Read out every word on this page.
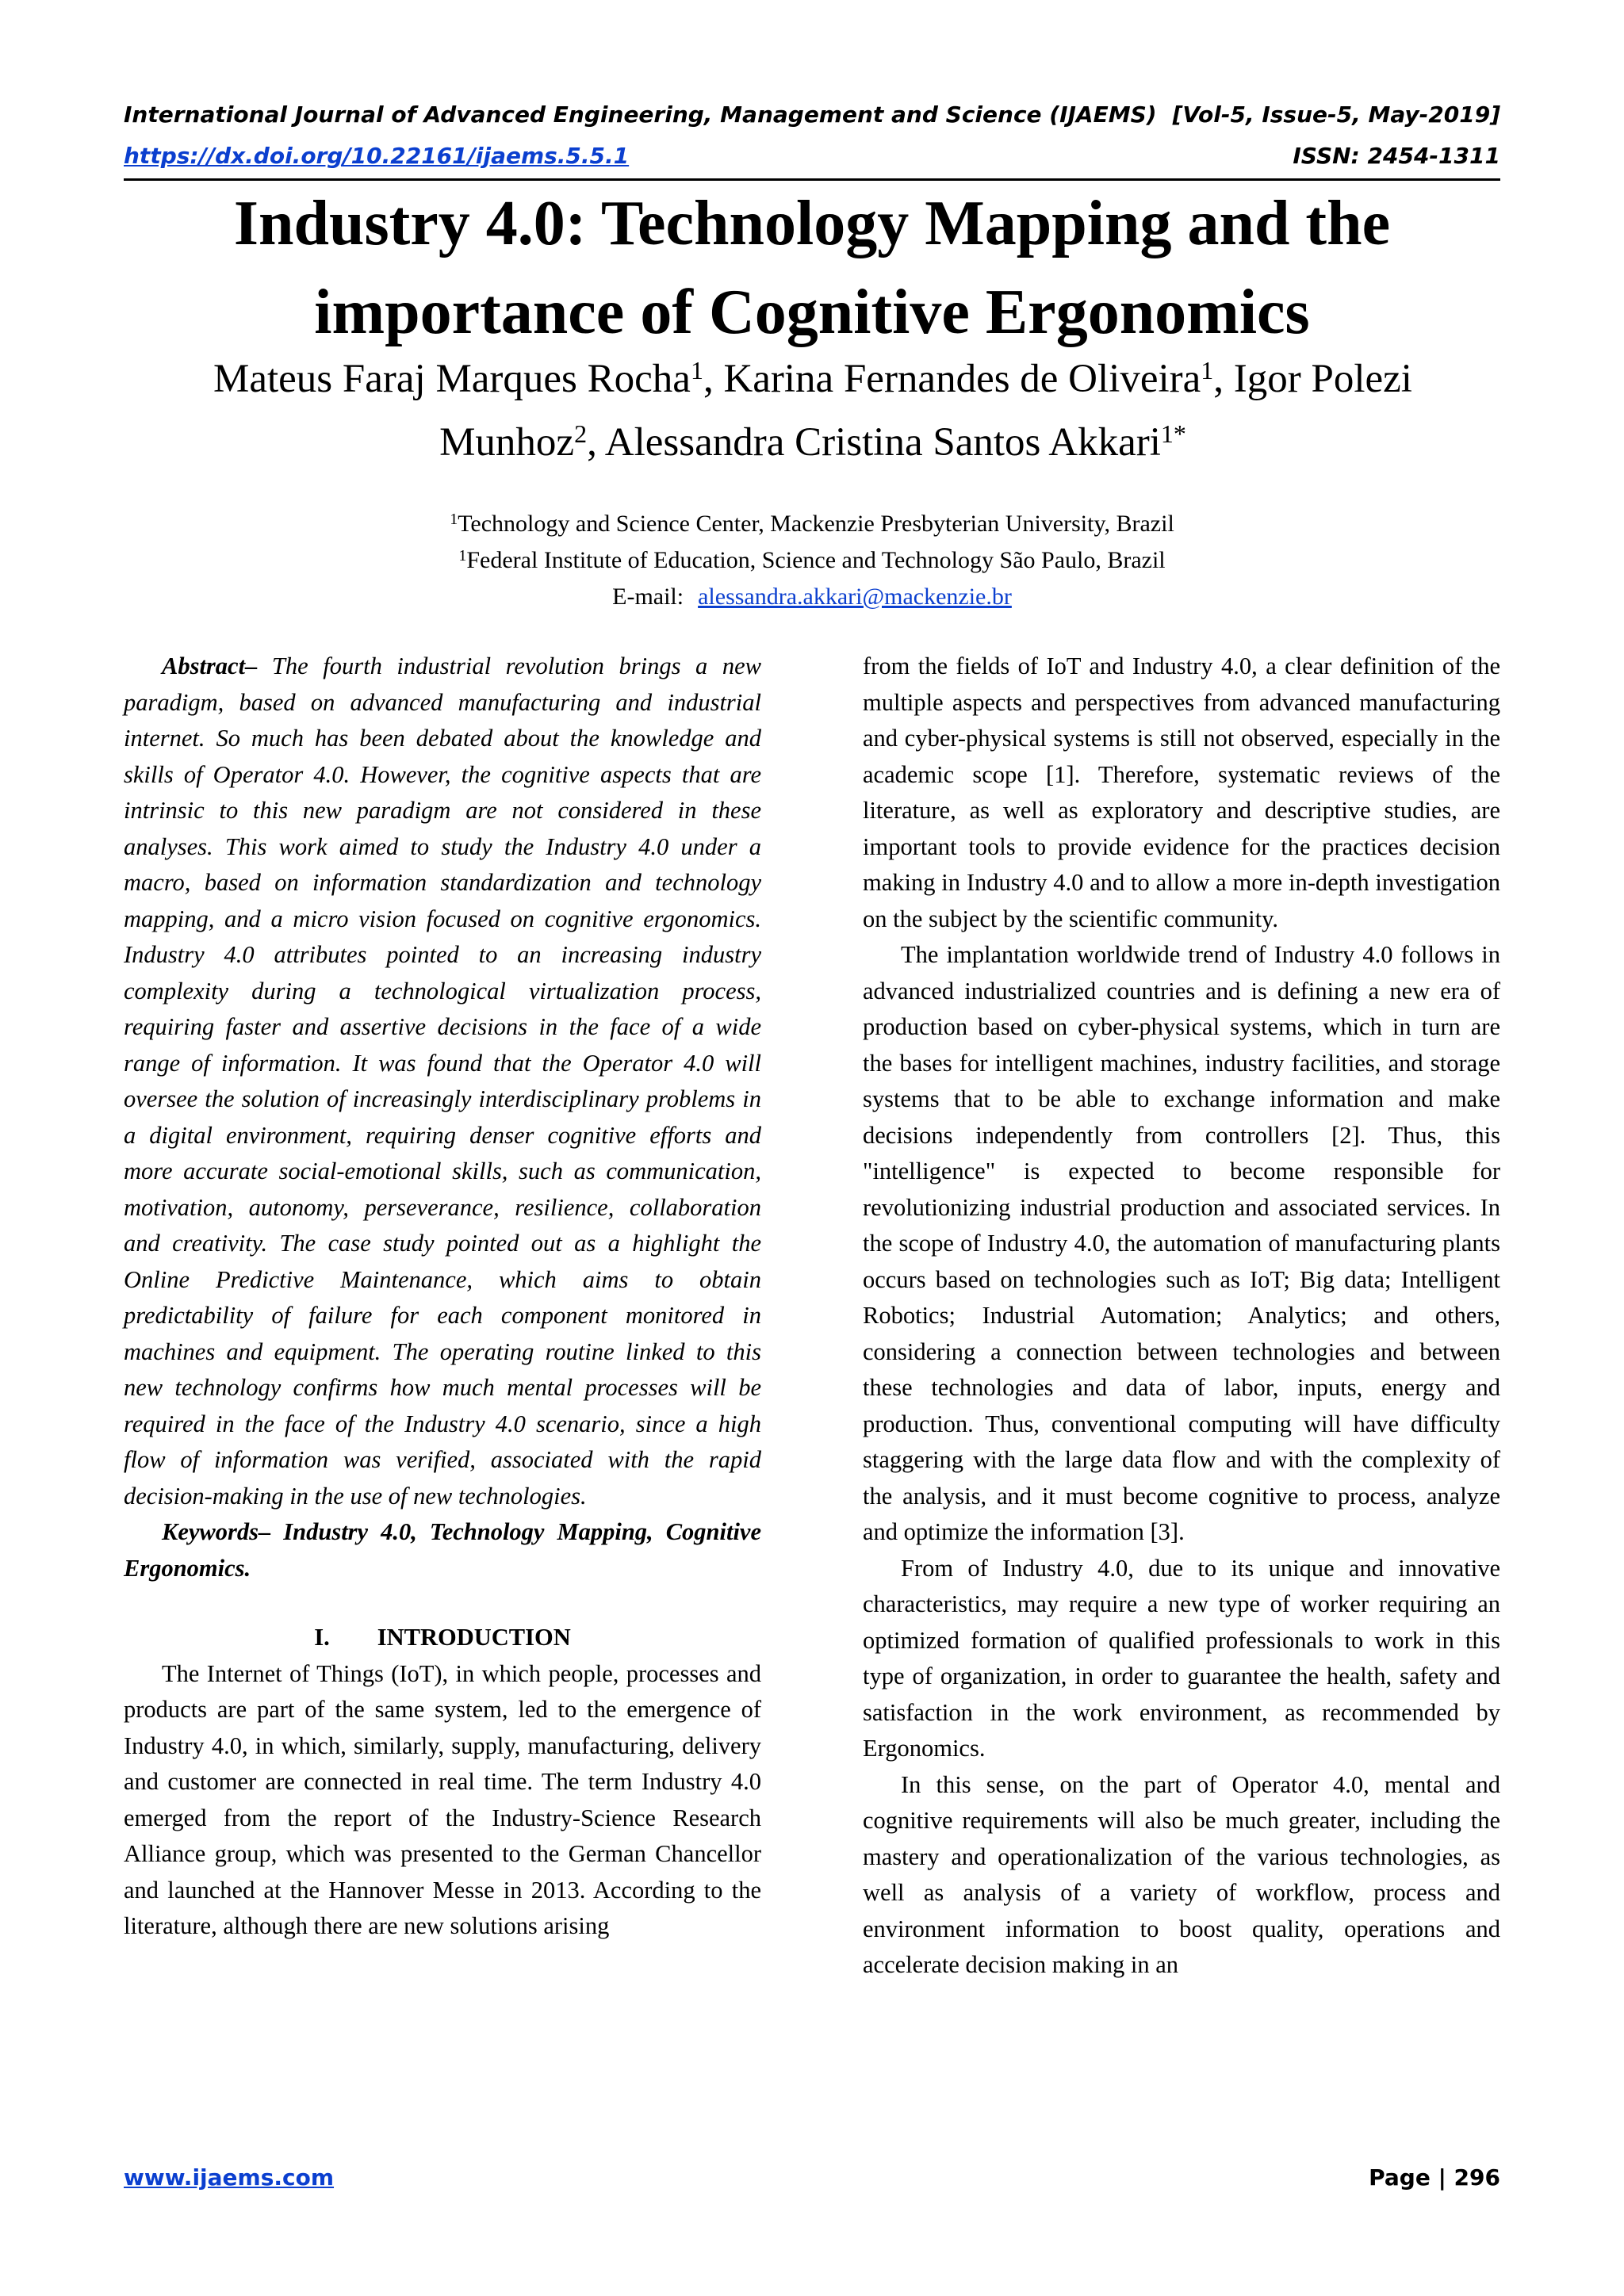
International Journal of Advanced Engineering, Management and Science (IJAEMS) [Vol-5, Issue-5, May-2019]
https://dx.doi.org/10.22161/ijaems.5.5.1	ISSN: 2454-1311
Industry 4.0: Technology Mapping and the
importance of Cognitive Ergonomics
Mateus Faraj Marques Rocha$^1$, Karina Fernandes de Oliveira$^1$, Igor Polezi Munhoz$^2$, Alessandra Cristina Santos Akkari$^{1*}$
$^1$Technology and Science Center, Mackenzie Presbyterian University, Brazil
$^1$Federal Institute of Education, Science and Technology São Paulo, Brazil
E-mail: alessandra.akkari@mackenzie.br

Abstract– The fourth industrial revolution brings a new paradigm, based on advanced manufacturing and industrial internet. So much has been debated about the knowledge and skills of Operator 4.0. However, the cognitive aspects that are intrinsic to this new paradigm are not considered in these analyses. This work aimed to study the Industry 4.0 under a macro, based on information standardization and technology mapping, and a micro vision focused on cognitive ergonomics. Industry 4.0 attributes pointed to an increasing industry complexity during a technological virtualization process, requiring faster and assertive decisions in the face of a wide range of information. It was found that the Operator 4.0 will oversee the solution of increasingly interdisciplinary problems in a digital environment, requiring denser cognitive efforts and more accurate social-emotional skills, such as communication, motivation, autonomy, perseverance, resilience, collaboration and creativity. The case study pointed out as a highlight the Online Predictive Maintenance, which aims to obtain predictability of failure for each component monitored in machines and equipment. The operating routine linked to this new technology confirms how much mental processes will be required in the face of the Industry 4.0 scenario, since a high flow of information was verified, associated with the rapid decision-making in the use of new technologies.

Keywords– Industry 4.0, Technology Mapping, Cognitive Ergonomics.

I. INTRODUCTION

The Internet of Things (IoT), in which people, processes and products are part of the same system, led to the emergence of Industry 4.0, in which, similarly, supply, manufacturing, delivery and customer are connected in real time. The term Industry 4.0 emerged from the report of the Industry-Science Research Alliance group, which was presented to the German Chancellor and launched at the Hannover Messe in 2013. According to the literature, although there are new solutions arising

from the fields of IoT and Industry 4.0, a clear definition of the multiple aspects and perspectives from advanced manufacturing and cyber-physical systems is still not observed, especially in the academic scope [1]. Therefore, systematic reviews of the literature, as well as exploratory and descriptive studies, are important tools to provide evidence for the practices decision making in Industry 4.0 and to allow a more in-depth investigation on the subject by the scientific community.

The implantation worldwide trend of Industry 4.0 follows in advanced industrialized countries and is defining a new era of production based on cyber-physical systems, which in turn are the bases for intelligent machines, industry facilities, and storage systems that to be able to exchange information and make decisions independently from controllers [2]. Thus, this "intelligence" is expected to become responsible for revolutionizing industrial production and associated services. In the scope of Industry 4.0, the automation of manufacturing plants occurs based on technologies such as IoT; Big data; Intelligent Robotics; Industrial Automation; Analytics; and others, considering a connection between technologies and between these technologies and data of labor, inputs, energy and production. Thus, conventional computing will have difficulty staggering with the large data flow and with the complexity of the analysis, and it must become cognitive to process, analyze and optimize the information [3].

From of Industry 4.0, due to its unique and innovative characteristics, may require a new type of worker requiring an optimized formation of qualified professionals to work in this type of organization, in order to guarantee the health, safety and satisfaction in the work environment, as recommended by Ergonomics.

In this sense, on the part of Operator 4.0, mental and cognitive requirements will also be much greater, including the mastery and operationalization of the various technologies, as well as analysis of a variety of workflow, process and environment information to boost quality, operations and accelerate decision making in an

www.ijaems.com	Page | 296
